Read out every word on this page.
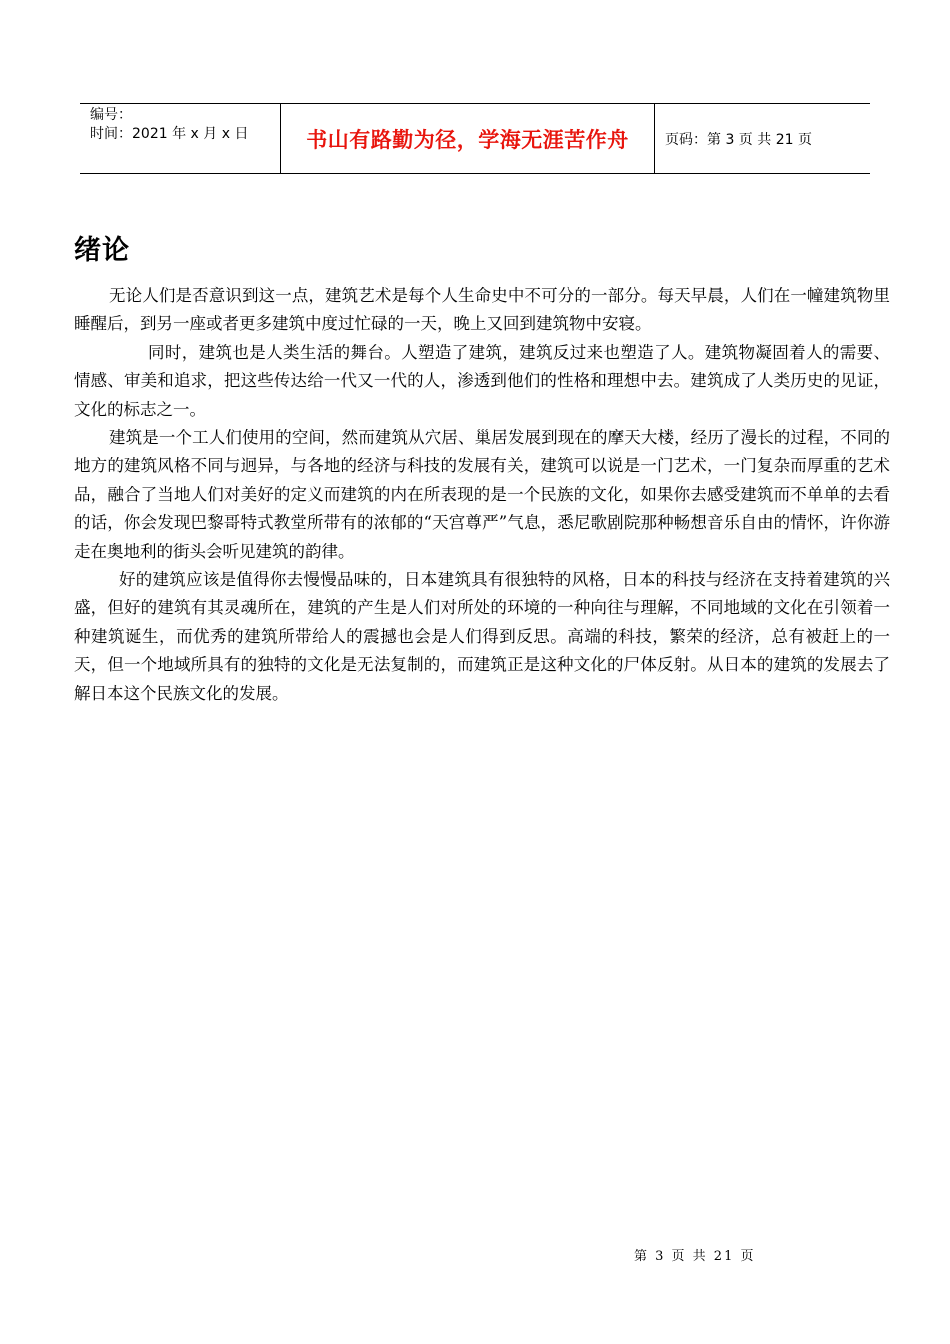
编号：
时间：2021 年 x 月 x 日	书山有路勤为径，学海无涯苦作舟	页码：第 3 页 共 21 页
绪论

无论人们是否意识到这一点，建筑艺术是每个人生命史中不可分的一部分。每天早晨，人们在一幢建筑物里睡醒后，到另一座或者更多建筑中度过忙碌的一天，晚上又回到建筑物中安寝。

同时，建筑也是人类生活的舞台。人塑造了建筑，建筑反过来也塑造了人。建筑物凝固着人的需要、情感、审美和追求，把这些传达给一代又一代的人，渗透到他们的性格和理想中去。建筑成了人类历史的见证，文化的标志之一。

建筑是一个工人们使用的空间，然而建筑从穴居、巢居发展到现在的摩天大楼，经历了漫长的过程，不同的地方的建筑风格不同与迥异，与各地的经济与科技的发展有关，建筑可以说是一门艺术，一门复杂而厚重的艺术品，融合了当地人们对美好的定义而建筑的内在所表现的是一个民族的文化，如果你去感受建筑而不单单的去看的话，你会发现巴黎哥特式教堂所带有的浓郁的“天宫尊严”气息，悉尼歌剧院那种畅想音乐自由的情怀，许你游走在奥地利的街头会听见建筑的韵律。

好的建筑应该是值得你去慢慢品味的，日本建筑具有很独特的风格，日本的科技与经济在支持着建筑的兴盛，但好的建筑有其灵魂所在，建筑的产生是人们对所处的环境的一种向往与理解，不同地域的文化在引领着一种建筑诞生，而优秀的建筑所带给人的震撼也会是人们得到反思。高端的科技，繁荣的经济，总有被赶上的一天，但一个地域所具有的独特的文化是无法复制的，而建筑正是这种文化的尸体反射。从日本的建筑的发展去了解日本这个民族文化的发展。

第 3 页 共 21 页
